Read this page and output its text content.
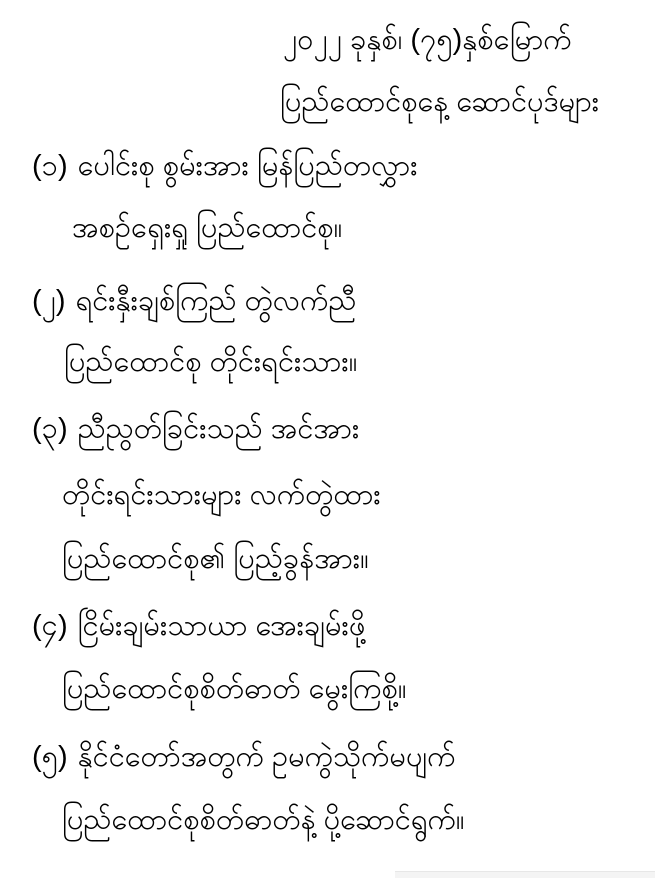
၂၀၂၂ ခုနှစ်၊ (၇၅)နှစ်မြောက်
ပြည်ထောင်စုနေ့ ဆောင်ပုဒ်များ
(၁) ပေါင်းစု စွမ်းအား မြန်ပြည်တလွှား
အစဉ်ရှေးရှု ပြည်ထောင်စု။
(၂) ရင်းနှီးချစ်ကြည် တွဲလက်ညီ
ပြည်ထောင်စု တိုင်းရင်းသား။
(၃) ညီညွတ်ခြင်းသည် အင်အား
တိုင်းရင်းသားများ လက်တွဲထား
ပြည်ထောင်စု၏ ပြည့်ခွန်အား။
(၄) ငြိမ်းချမ်းသာယာ အေးချမ်းဖို့
ပြည်ထောင်စုစိတ်ဓာတ် မွေးကြစို့။
(၅) နိုင်ငံတော်အတွက် ဥမကွဲသိုက်မပျက်
ပြည်ထောင်စုစိတ်ဓာတ်နဲ့ ပို့ဆောင်ရွက်။
